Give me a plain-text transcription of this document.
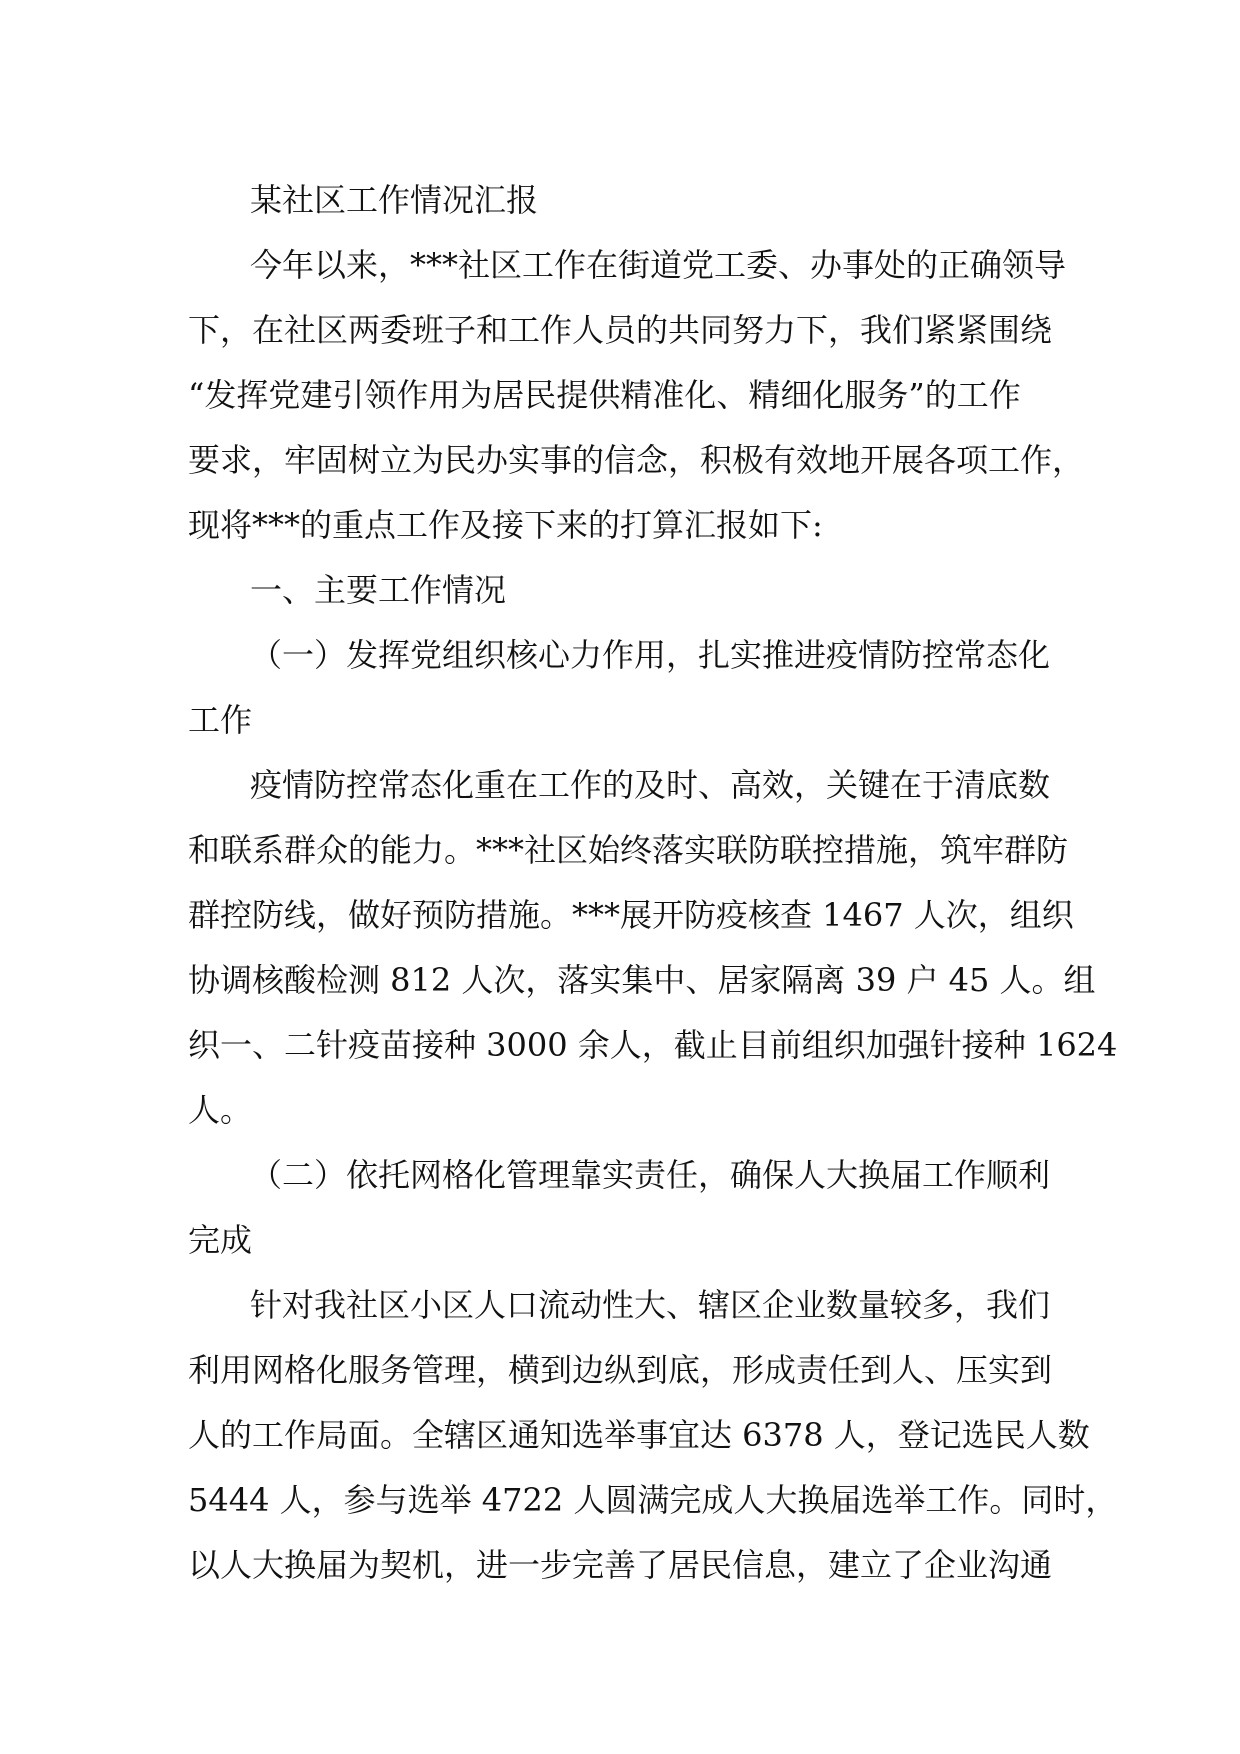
某社区工作情况汇报
今年以来，***社区工作在街道党工委、办事处的正确领导
下，在社区两委班子和工作人员的共同努力下，我们紧紧围绕
“发挥党建引领作用为居民提供精准化、精细化服务”的工作
要求，牢固树立为民办实事的信念，积极有效地开展各项工作，
现将***的重点工作及接下来的打算汇报如下:
一、主要工作情况
（一）发挥党组织核心力作用，扎实推进疫情防控常态化
工作
疫情防控常态化重在工作的及时、高效，关键在于清底数
和联系群众的能力。***社区始终落实联防联控措施，筑牢群防
群控防线，做好预防措施。***展开防疫核查 1467 人次，组织
协调核酸检测 812 人次，落实集中、居家隔离 39 户 45 人。组
织一、二针疫苗接种 3000 余人，截止目前组织加强针接种 1624
人。
（二）依托网格化管理靠实责任，确保人大换届工作顺利
完成
针对我社区小区人口流动性大、辖区企业数量较多，我们
利用网格化服务管理，横到边纵到底，形成责任到人、压实到
人的工作局面。全辖区通知选举事宜达 6378 人，登记选民人数
5444 人，参与选举 4722 人圆满完成人大换届选举工作。同时，
以人大换届为契机，进一步完善了居民信息，建立了企业沟通
